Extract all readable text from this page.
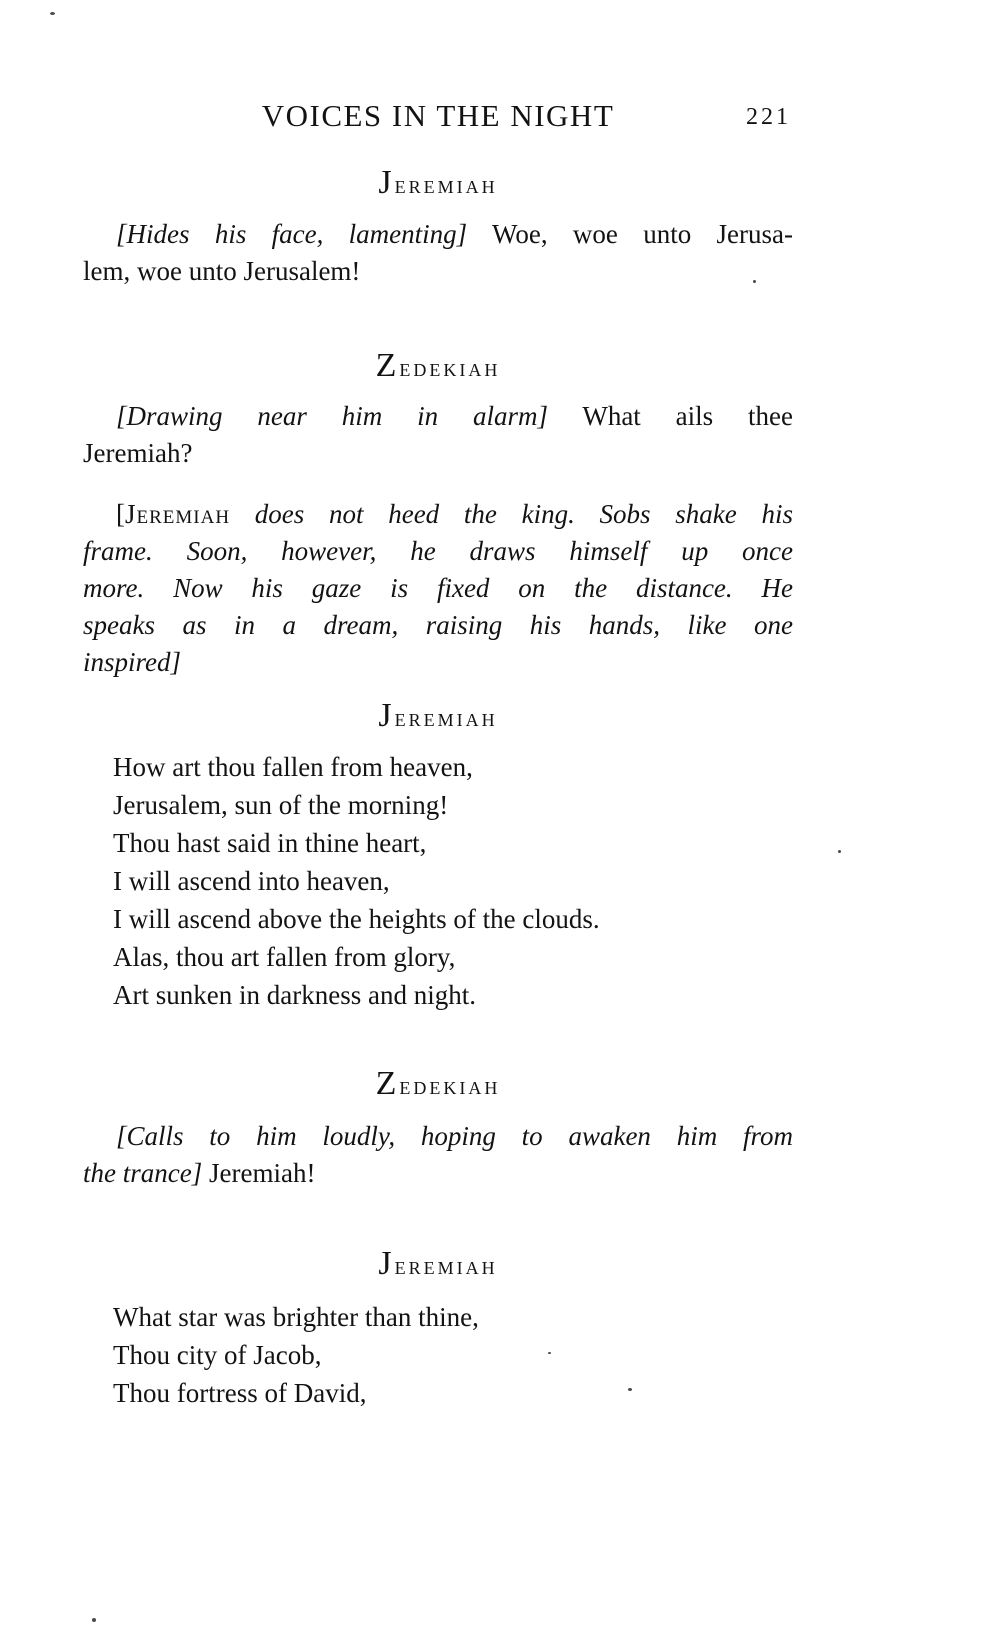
VOICES IN THE NIGHT	221
Jeremiah
[Hides his face, lamenting] Woe, woe unto Jerusa-
lem, woe unto Jerusalem!
Zedekiah
[Drawing near him in alarm] What ails thee
Jeremiah?
[Jeremiah does not heed the king. Sobs shake his
frame. Soon, however, he draws himself up once
more. Now his gaze is fixed on the distance. He
speaks as in a dream, raising his hands, like one
inspired]
Jeremiah
How art thou fallen from heaven,
Jerusalem, sun of the morning!
Thou hast said in thine heart,
I will ascend into heaven,
I will ascend above the heights of the clouds.
Alas, thou art fallen from glory,
Art sunken in darkness and night.
Zedekiah
[Calls to him loudly, hoping to awaken him from
the trance] Jeremiah!
Jeremiah
What star was brighter than thine,
Thou city of Jacob,
Thou fortress of David,
